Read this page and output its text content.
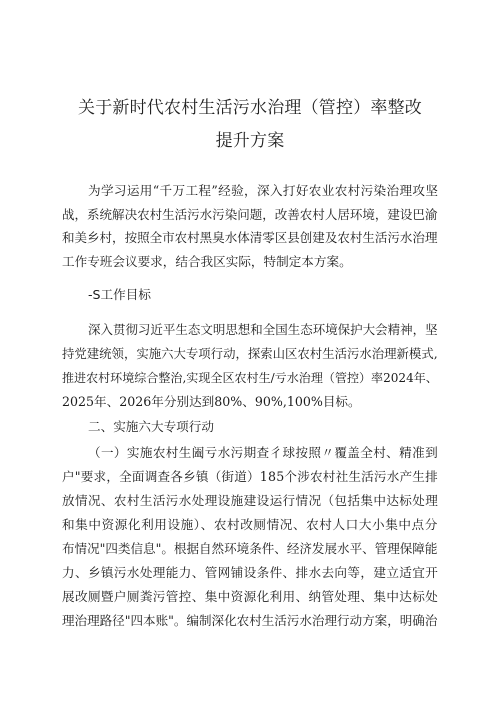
关于新时代农村生活污水治理（管控）率整改
提升方案
为学习运用“千万工程”经验，深入打好农业农村污染治理攻坚
战，系统解决农村生活污水污染问题，改善农村人居环境，建设巴渝
和美乡村，按照全市农村黑臭水体清零区县创建及农村生活污水治理
工作专班会议要求，结合我区实际，特制定本方案。
-S工作目标
深入贯彻习近平生态文明思想和全国生态环境保护大会精神，坚
持党建统领，实施六大专项行动，探索山区农村生活污水治理新模式,
推进农村环境综合整治,实现全区农村生/亏水治理（管控）率2024年、
2025年、2026年分别达到80%、90%,100%目标。
二、实施六大专项行动
（一）实施农村生阖亏水污期查彳球按照〃覆盖全村、精准到
户"要求，全面调查各乡镇（街道）185个涉农村社生活污水产生排
放情况、农村生活污水处理设施建设运行情况（包括集中达标处理
和集中资源化利用设施）、农村改厕情况、农村人口大小集中点分
布情况"四类信息"。根据自然环境条件、经济发展水平、管理保障能
力、乡镇污水处理能力、管网铺设条件、排水去向等，建立适宜开
展改厕暨户厕粪污管控、集中资源化利用、纳管处理、集中达标处
理治理路径"四本账"。编制深化农村生活污水治理行动方案，明确治
